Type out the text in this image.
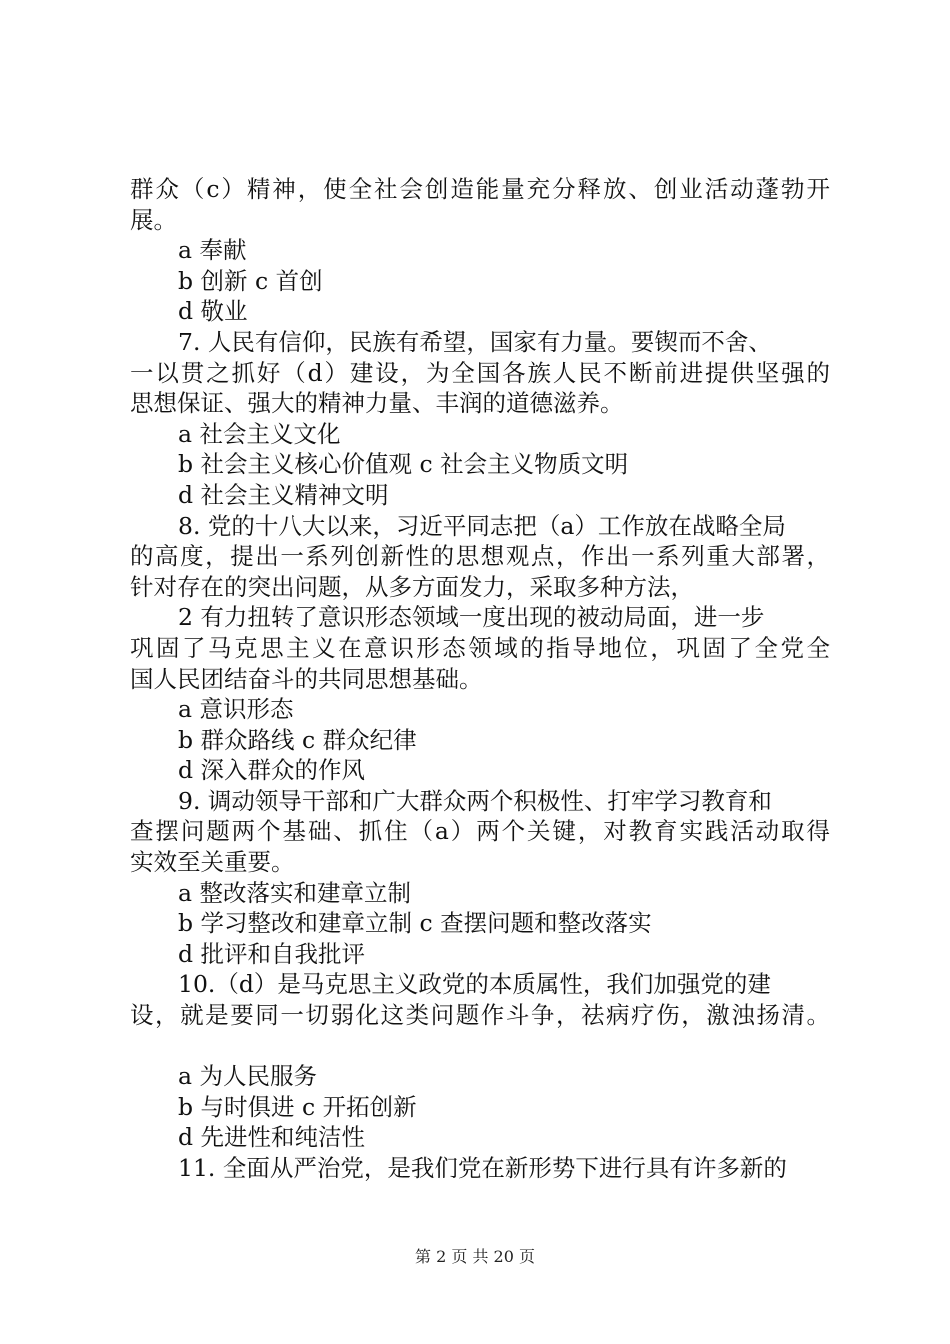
群众（c）精神，使全社会创造能量充分释放、创业活动蓬勃开
展。
a 奉献
b 创新 c 首创
d 敬业
7. 人民有信仰，民族有希望，国家有力量。要锲而不舍、
一以贯之抓好（d）建设，为全国各族人民不断前进提供坚强的
思想保证、强大的精神力量、丰润的道德滋养。
a 社会主义文化
b 社会主义核心价值观 c 社会主义物质文明
d 社会主义精神文明
8. 党的十八大以来，习近平同志把（a）工作放在战略全局
的高度，提出一系列创新性的思想观点，作出一系列重大部署，
针对存在的突出问题，从多方面发力，采取多种方法，
2 有力扭转了意识形态领域一度出现的被动局面，进一步
巩固了马克思主义在意识形态领域的指导地位，巩固了全党全
国人民团结奋斗的共同思想基础。
a 意识形态
b 群众路线 c 群众纪律
d 深入群众的作风
9. 调动领导干部和广大群众两个积极性、打牢学习教育和
查摆问题两个基础、抓住（a）两个关键，对教育实践活动取得
实效至关重要。
a 整改落实和建章立制
b 学习整改和建章立制 c 查摆问题和整改落实
d 批评和自我批评
10.（d）是马克思主义政党的本质属性，我们加强党的建
设，就是要同一切弱化这类问题作斗争，祛病疗伤，激浊扬清。
a 为人民服务
b 与时俱进 c 开拓创新
d 先进性和纯洁性
11. 全面从严治党，是我们党在新形势下进行具有许多新的
第 2 页 共 20 页
